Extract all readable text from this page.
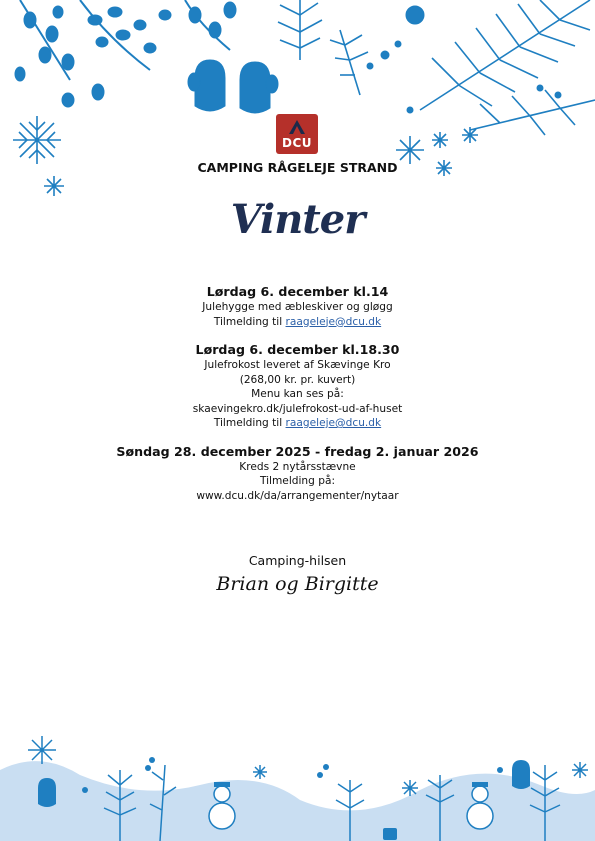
DCU
CAMPING RÅGELEJE STRAND
Vinter
Lørdag 6. december kl.14
Julehygge med æbleskiver og gløgg
Tilmelding til raageleje@dcu.dk
Lørdag 6. december kl.18.30
Julefrokost leveret af Skævinge Kro
(268,00 kr. pr. kuvert)
Menu kan ses på:
skaevingekro.dk/julefrokost-ud-af-huset
Tilmelding til raageleje@dcu.dk
Søndag 28. december 2025 - fredag 2. januar 2026
Kreds 2 nytårsstævne
Tilmelding på:
www.dcu.dk/da/arrangementer/nytaar
Camping-hilsen
Brian og Birgitte
